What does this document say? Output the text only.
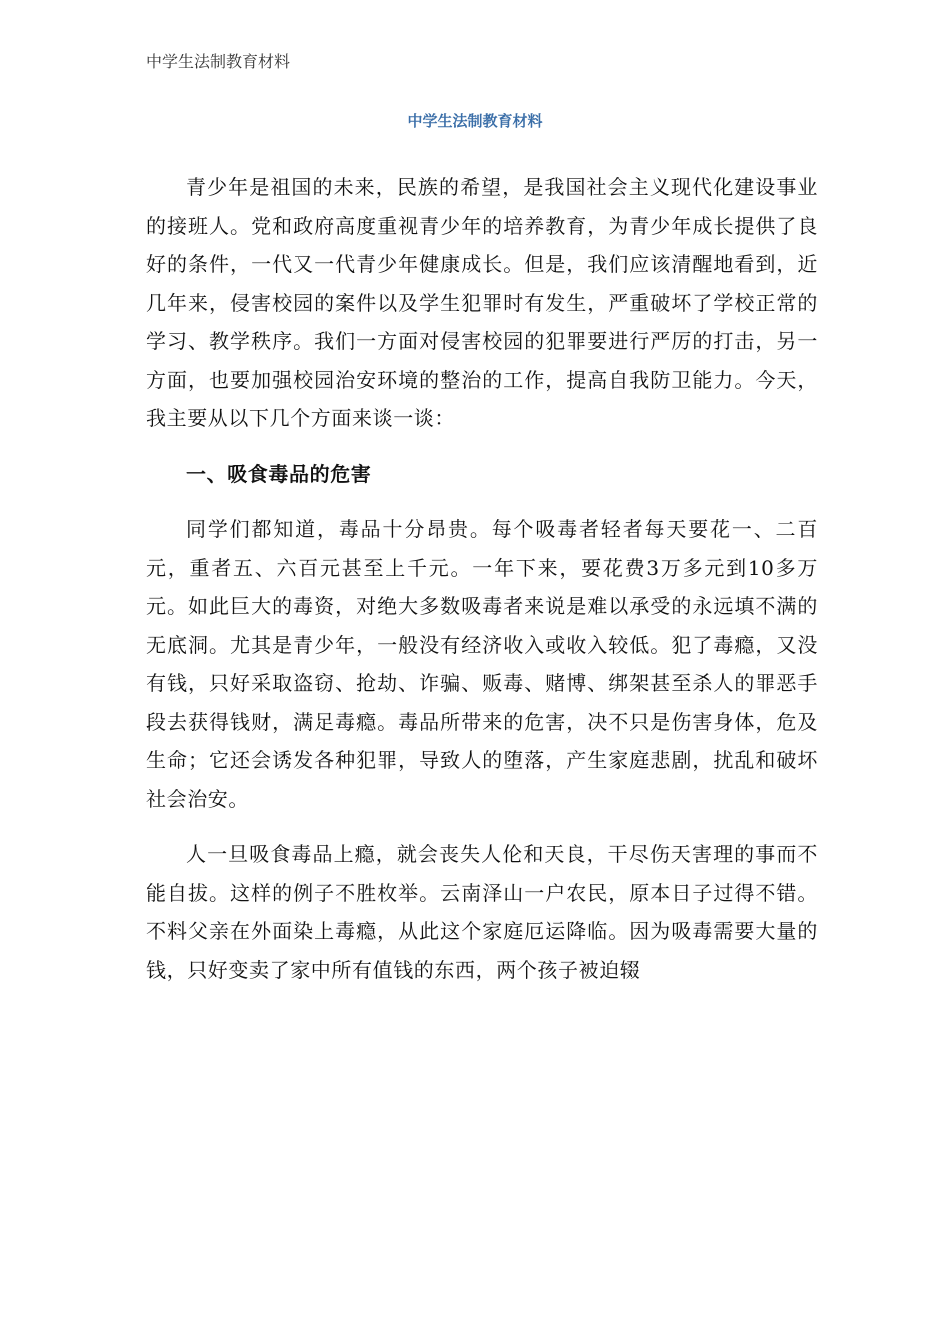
中学生法制教育材料
中学生法制教育材料

青少年是祖国的未来，民族的希望，是我国社会主义现代化建设事业的接班人。党和政府高度重视青少年的培养教育，为青少年成长提供了良好的条件，一代又一代青少年健康成长。但是，我们应该清醒地看到，近几年来，侵害校园的案件以及学生犯罪时有发生，严重破坏了学校正常的学习、教学秩序。我们一方面对侵害校园的犯罪要进行严厉的打击，另一方面，也要加强校园治安环境的整治的工作，提高自我防卫能力。今天，我主要从以下几个方面来谈一谈：

一、吸食毒品的危害

同学们都知道，毒品十分昂贵。每个吸毒者轻者每天要花一、二百元，重者五、六百元甚至上千元。一年下来，要花费3万多元到10多万元。如此巨大的毒资，对绝大多数吸毒者来说是难以承受的永远填不满的无底洞。尤其是青少年，一般没有经济收入或收入较低。犯了毒瘾，又没有钱，只好采取盗窃、抢劫、诈骗、贩毒、赌博、绑架甚至杀人的罪恶手段去获得钱财，满足毒瘾。毒品所带来的危害，决不只是伤害身体，危及生命；它还会诱发各种犯罪，导致人的堕落，产生家庭悲剧，扰乱和破坏社会治安。

人一旦吸食毒品上瘾，就会丧失人伦和天良，干尽伤天害理的事而不能自拔。这样的例子不胜枚举。云南泽山一户农民，原本日子过得不错。不料父亲在外面染上毒瘾，从此这个家庭厄运降临。因为吸毒需要大量的钱，只好变卖了家中所有值钱的东西，两个孩子被迫辍
